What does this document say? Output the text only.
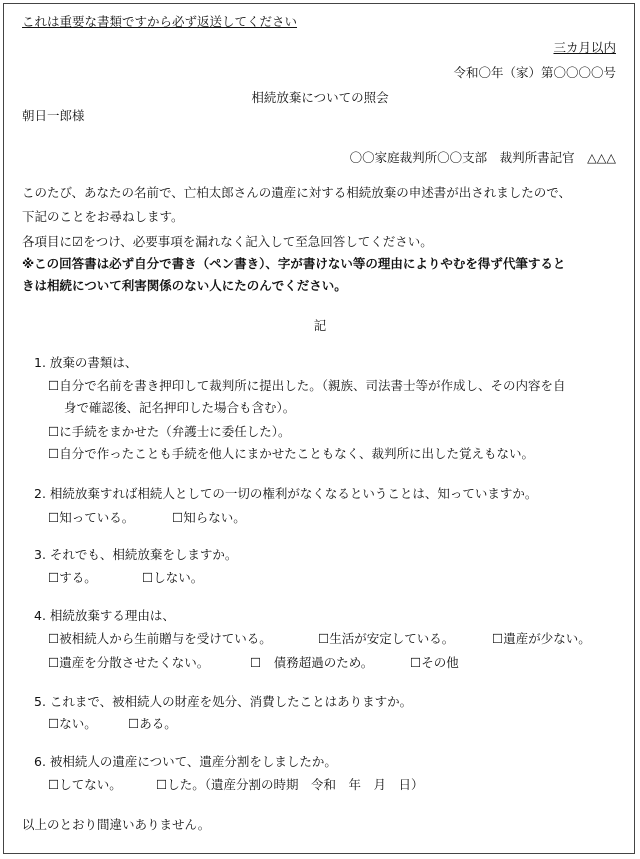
これは重要な書類ですから必ず返送してください
三カ月以内
令和〇年（家）第〇〇〇〇号
相続放棄についての照会
朝日一郎様
〇〇家庭裁判所〇〇支部　裁判所書記官　△△△
このたび、あなたの名前で、亡柏太郎さんの遺産に対する相続放棄の申述書が出されましたので、
下記のことをお尋ねします。
各項目に☑をつけ、必要事項を漏れなく記入して至急回答してください。
※この回答書は必ず自分で書き（ペン書き）、字が書けない等の理由によりやむを得ず代筆すると
きは相続について利害関係のない人にたのんでください。
記
1. 放棄の書類は、
☐自分で名前を書き押印して裁判所に提出した。（親族、司法書士等が作成し、その内容を自
身で確認後、記名押印した場合も含む）。
☐に手続をまかせた（弁護士に委任した）。
☐自分で作ったことも手続を他人にまかせたこともなく、裁判所に出した覚えもない。
2. 相続放棄すれば相続人としての一切の権利がなくなるということは、知っていますか。
☐知っている。	☐知らない。
3. それでも、相続放棄をしますか。
☐する。	☐しない。
4. 相続放棄する理由は、
☐被相続人から生前贈与を受けている。	☐生活が安定している。	☐遺産が少ない。
☐遺産を分散させたくない。	☐　債務超過のため。	☐その他
5. これまで、被相続人の財産を処分、消費したことはありますか。
☐ない。	☐ある。
6. 被相続人の遺産について、遺産分割をしましたか。
☐してない。	☐した。（遺産分割の時期　令和　年　月　日）
以上のとおり間違いありません。
